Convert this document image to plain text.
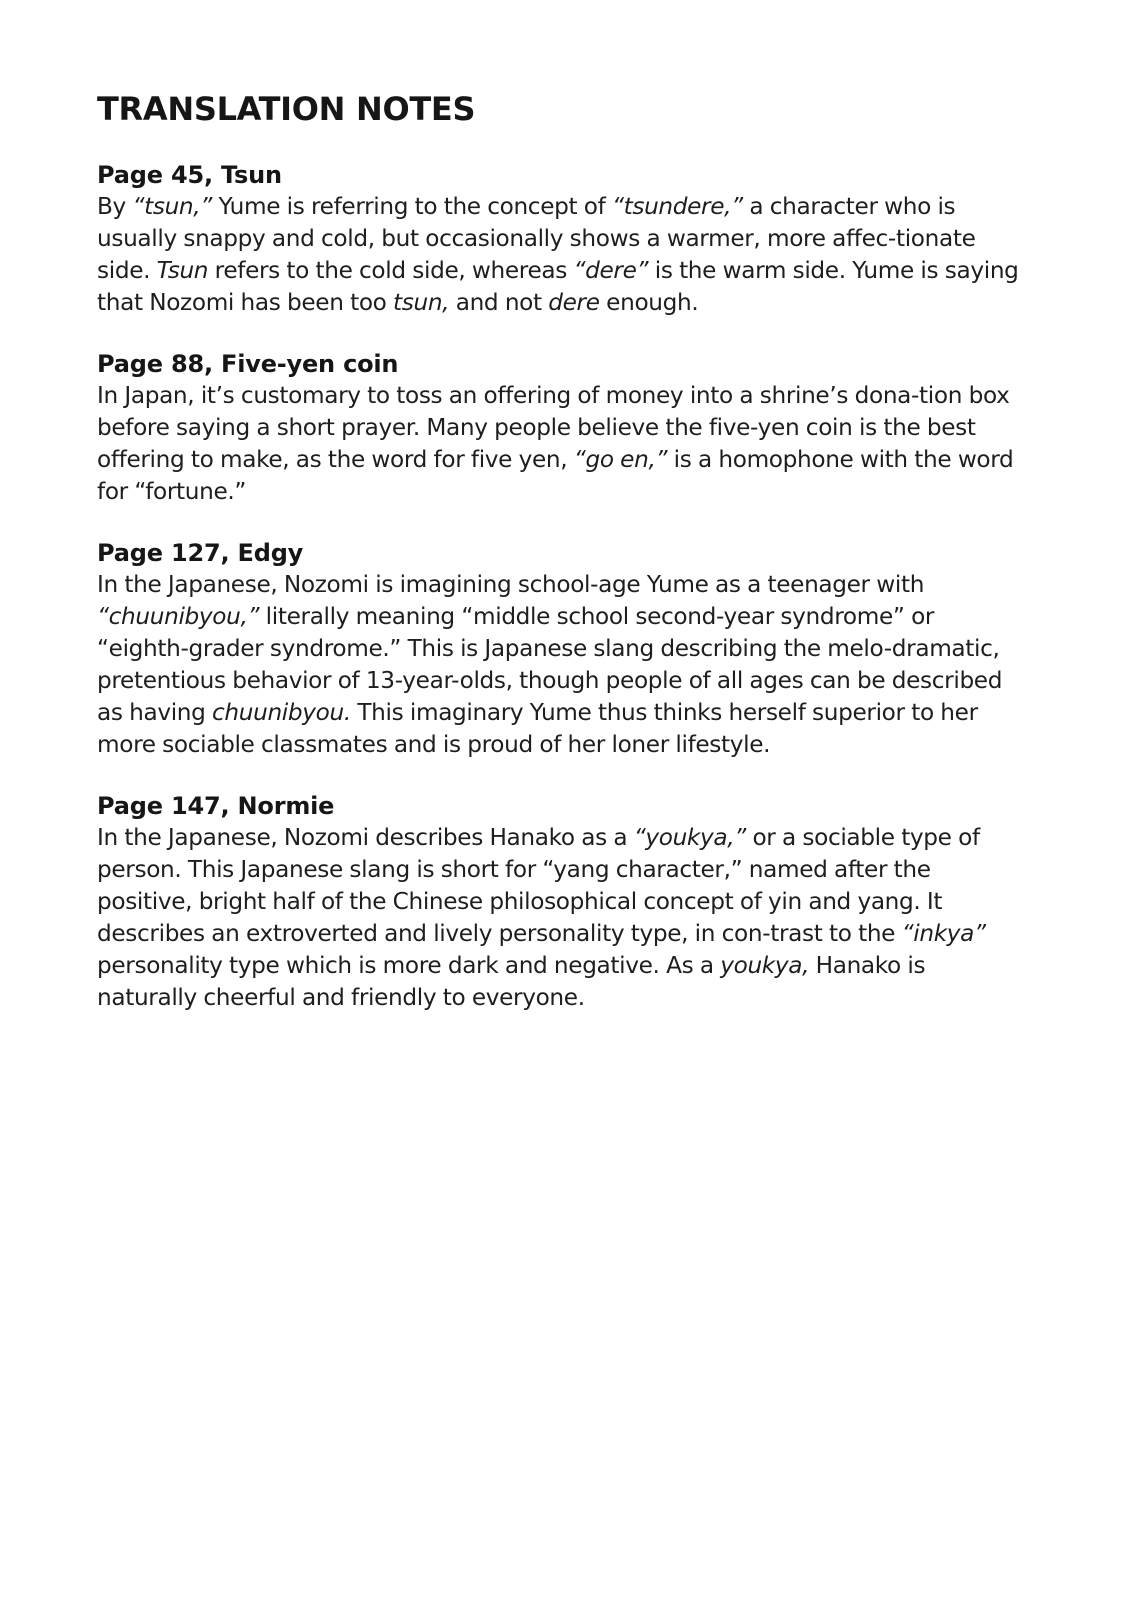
TRANSLATION NOTES
Page 45, Tsun

By “tsun,” Yume is referring to the concept of “tsundere,” a character who is usually snappy and cold, but occasionally shows a warmer, more affec-tionate side. Tsun refers to the cold side, whereas “dere” is the warm side. Yume is saying that Nozomi has been too tsun, and not dere enough.

Page 88, Five-yen coin

In Japan, it’s customary to toss an offering of money into a shrine’s dona-tion box before saying a short prayer. Many people believe the five-yen coin is the best offering to make, as the word for five yen, “go en,” is a homophone with the word for “fortune.”

Page 127, Edgy

In the Japanese, Nozomi is imagining school-age Yume as a teenager with “chuunibyou,” literally meaning “middle school second-year syndrome” or “eighth-grader syndrome.” This is Japanese slang describing the melo-dramatic, pretentious behavior of 13-year-olds, though people of all ages can be described as having chuunibyou. This imaginary Yume thus thinks herself superior to her more sociable classmates and is proud of her loner lifestyle.

Page 147, Normie

In the Japanese, Nozomi describes Hanako as a “youkya,” or a sociable type of person. This Japanese slang is short for “yang character,” named after the positive, bright half of the Chinese philosophical concept of yin and yang. It describes an extroverted and lively personality type, in con-trast to the “inkya” personality type which is more dark and negative. As a youkya, Hanako is naturally cheerful and friendly to everyone.
